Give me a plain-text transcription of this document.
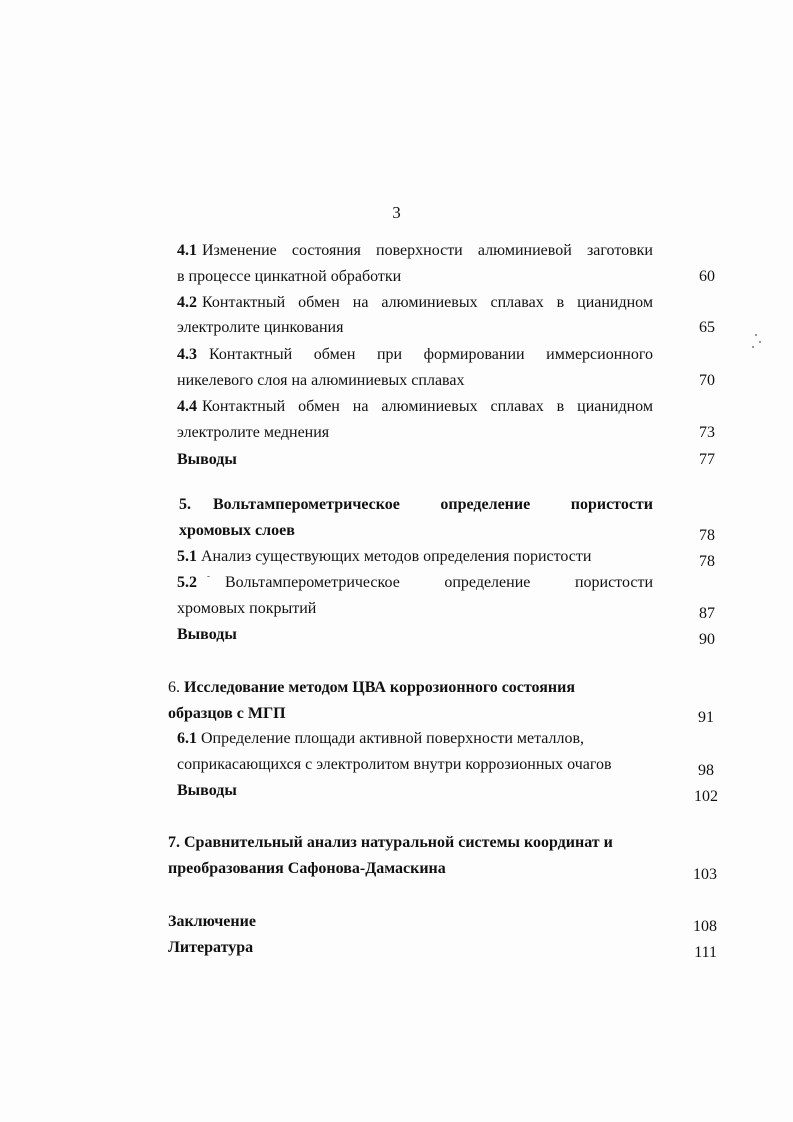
3
4.1 Изменение состояния поверхности алюминиевой заготовки
в процессе цинкатной обработки	60
4.2 Контактный обмен на алюминиевых сплавах в цианидном
электролите цинкования	65
4.3 Контактный обмен при формировании иммерсионного
никелевого слоя на алюминиевых сплавах	70
4.4 Контактный обмен на алюминиевых сплавах в цианидном
электролите меднения	73
Выводы	77
5. Вольтамперометрическое определение пористости
хромовых слоев	78
5.1 Анализ существующих методов определения пористости	78
5.2 Вольтамперометрическое определение пористости
хромовых покрытий	87
Выводы	90
6. Исследование методом ЦВА коррозионного состояния
образцов с МГП	91
6.1 Определение площади активной поверхности металлов,
соприкасающихся с электролитом внутри коррозионных очагов	98
Выводы	102
7. Сравнительный анализ натуральной системы координат и
преобразования Сафонова-Дамаскина	103
Заключение	108
Литература	111
